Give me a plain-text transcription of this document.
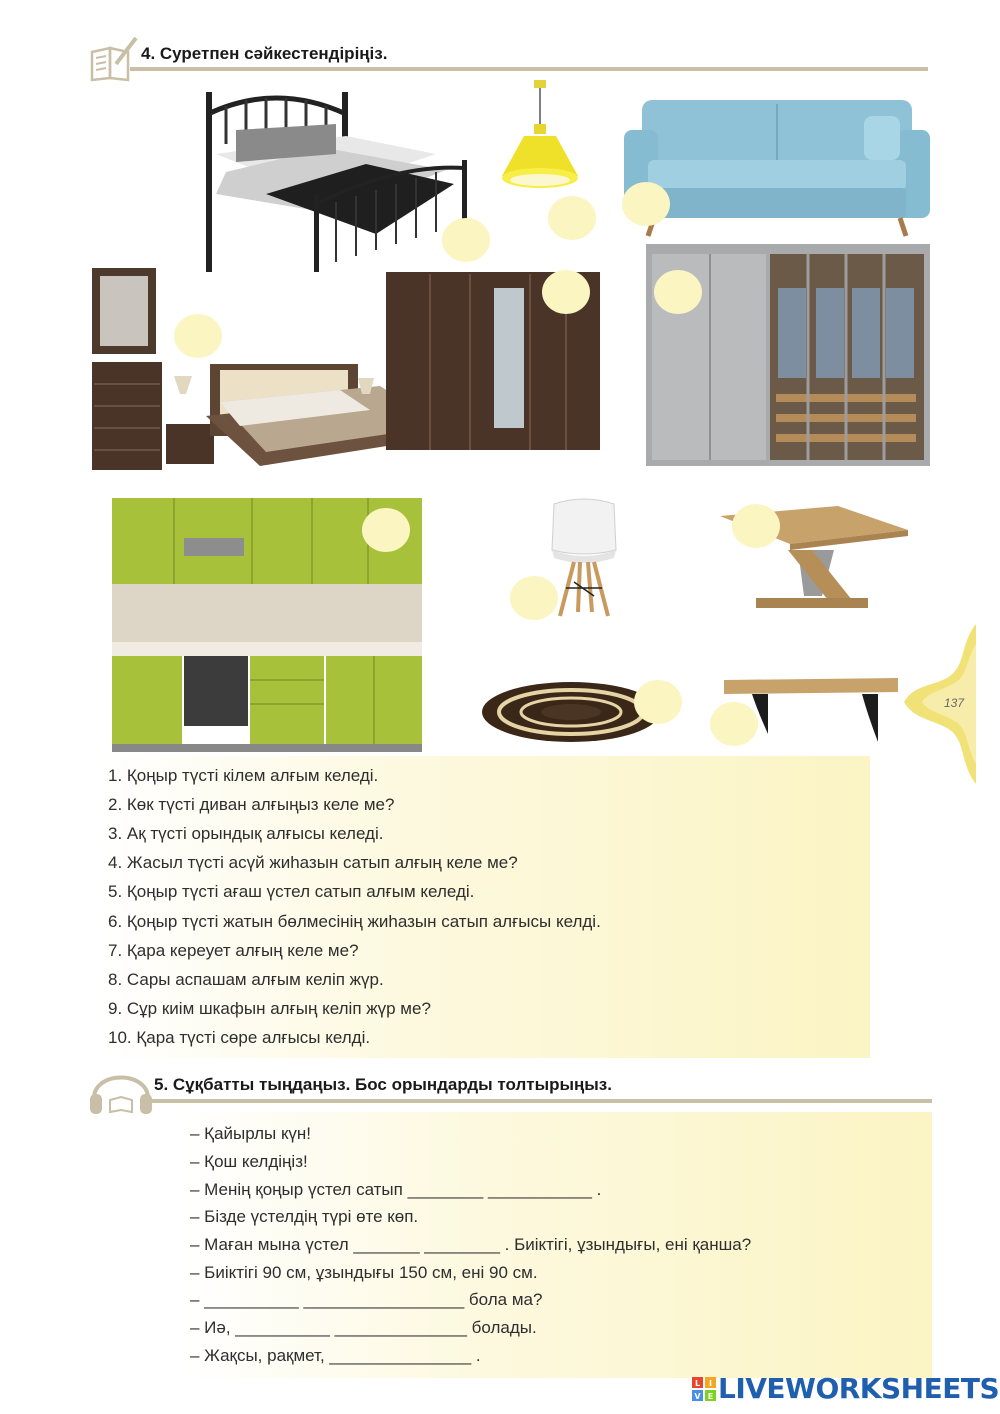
4. Суретпен сәйкестендіріңіз.
137
1. Қоңыр түсті кілем алғым келеді.
2. Көк түсті диван алғыңыз келе ме?
3. Ақ түсті орындық алғысы келеді.
4. Жасыл түсті асүй жиһазын сатып алғың келе ме?
5. Қоңыр түсті ағаш үстел сатып алғым келеді.
6. Қоңыр түсті жатын бөлмесінің жиһазын сатып алғысы келді.
7. Қара кереует алғың келе ме?
8. Сары аспашам алғым келіп жүр.
9. Сұр киім шкафын алғың келіп жүр ме?
10. Қара түсті сөре алғысы келді.
5. Сұқбатты тыңдаңыз. Бос орындарды толтырыңыз.
– Қайырлы күн!
– Қош келдіңіз!
– Менің қоңыр үстел сатып ________ ___________ .
– Бізде үстелдің түрі өте көп.
– Маған мына үстел _______ ________ . Биіктігі, ұзындығы, ені қанша?
– Биіктігі 90 см, ұзындығы 150 см, ені 90 см.
– __________ _________________ бола ма?
– Иә, __________ ______________ болады.
– Жақсы, рақмет, _______________ .
L I
V E LIVEWORKSHEETS
